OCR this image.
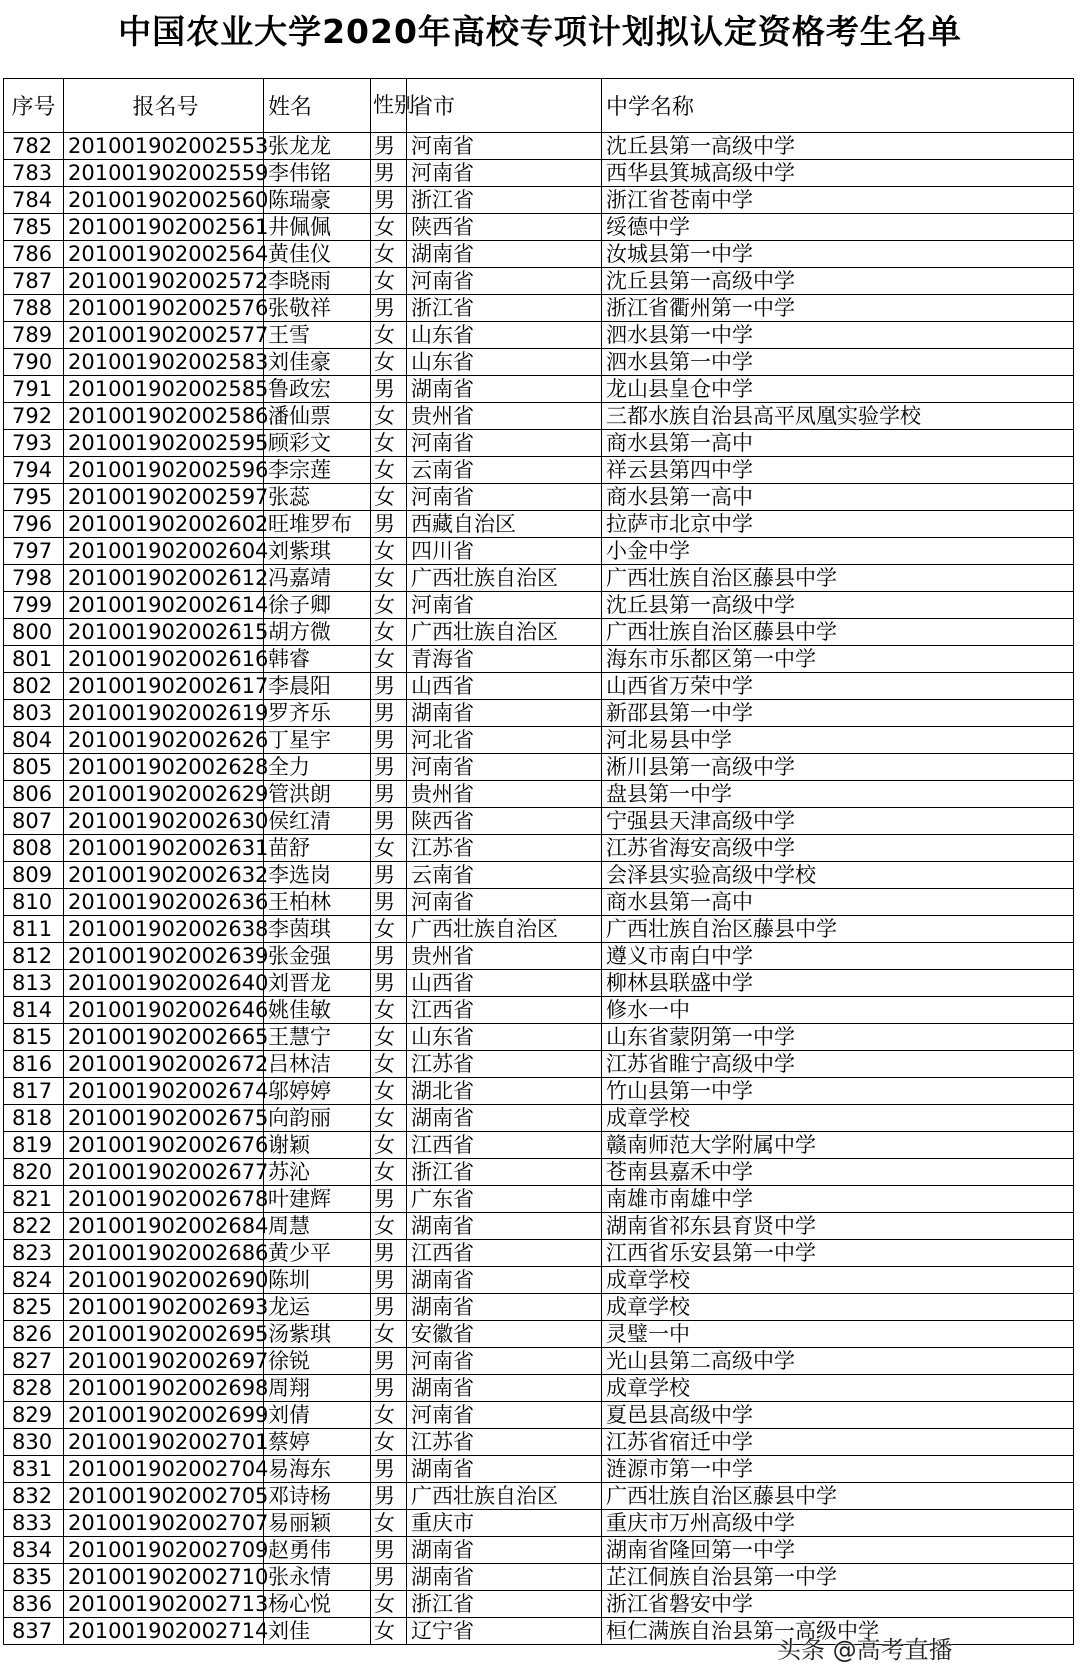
中国农业大学2020年高校专项计划拟认定资格考生名单
序号	报名号	姓名	性别	省市	中学名称
782	201001902002553	张龙龙	男	河南省	沈丘县第一高级中学
783	201001902002559	李伟铭	男	河南省	西华县箕城高级中学
784	201001902002560	陈瑞豪	男	浙江省	浙江省苍南中学
785	201001902002561	井佩佩	女	陕西省	绥德中学
786	201001902002564	黄佳仪	女	湖南省	汝城县第一中学
787	201001902002572	李晓雨	女	河南省	沈丘县第一高级中学
788	201001902002576	张敬祥	男	浙江省	浙江省衢州第一中学
789	201001902002577	王雪	女	山东省	泗水县第一中学
790	201001902002583	刘佳豪	女	山东省	泗水县第一中学
791	201001902002585	鲁政宏	男	湖南省	龙山县皇仓中学
792	201001902002586	潘仙票	女	贵州省	三都水族自治县高平凤凰实验学校
793	201001902002595	顾彩文	女	河南省	商水县第一高中
794	201001902002596	李宗莲	女	云南省	祥云县第四中学
795	201001902002597	张蕊	女	河南省	商水县第一高中
796	201001902002602	旺堆罗布	男	西藏自治区	拉萨市北京中学
797	201001902002604	刘紫琪	女	四川省	小金中学
798	201001902002612	冯嘉靖	女	广西壮族自治区	广西壮族自治区藤县中学
799	201001902002614	徐子卿	女	河南省	沈丘县第一高级中学
800	201001902002615	胡方微	女	广西壮族自治区	广西壮族自治区藤县中学
801	201001902002616	韩睿	女	青海省	海东市乐都区第一中学
802	201001902002617	李晨阳	男	山西省	山西省万荣中学
803	201001902002619	罗齐乐	男	湖南省	新邵县第一中学
804	201001902002626	丁星宇	男	河北省	河北易县中学
805	201001902002628	全力	男	河南省	淅川县第一高级中学
806	201001902002629	管洪朗	男	贵州省	盘县第一中学
807	201001902002630	侯红清	男	陕西省	宁强县天津高级中学
808	201001902002631	苗舒	女	江苏省	江苏省海安高级中学
809	201001902002632	李选岗	男	云南省	会泽县实验高级中学校
810	201001902002636	王柏林	男	河南省	商水县第一高中
811	201001902002638	李茵琪	女	广西壮族自治区	广西壮族自治区藤县中学
812	201001902002639	张金强	男	贵州省	遵义市南白中学
813	201001902002640	刘晋龙	男	山西省	柳林县联盛中学
814	201001902002646	姚佳敏	女	江西省	修水一中
815	201001902002665	王慧宁	女	山东省	山东省蒙阴第一中学
816	201001902002672	吕林洁	女	江苏省	江苏省睢宁高级中学
817	201001902002674	邬婷婷	女	湖北省	竹山县第一中学
818	201001902002675	向韵丽	女	湖南省	成章学校
819	201001902002676	谢颖	女	江西省	赣南师范大学附属中学
820	201001902002677	苏沁	女	浙江省	苍南县嘉禾中学
821	201001902002678	叶建辉	男	广东省	南雄市南雄中学
822	201001902002684	周慧	女	湖南省	湖南省祁东县育贤中学
823	201001902002686	黄少平	男	江西省	江西省乐安县第一中学
824	201001902002690	陈圳	男	湖南省	成章学校
825	201001902002693	龙运	男	湖南省	成章学校
826	201001902002695	汤紫琪	女	安徽省	灵璧一中
827	201001902002697	徐锐	男	河南省	光山县第二高级中学
828	201001902002698	周翔	男	湖南省	成章学校
829	201001902002699	刘倩	女	河南省	夏邑县高级中学
830	201001902002701	蔡婷	女	江苏省	江苏省宿迁中学
831	201001902002704	易海东	男	湖南省	涟源市第一中学
832	201001902002705	邓诗杨	男	广西壮族自治区	广西壮族自治区藤县中学
833	201001902002707	易丽颖	女	重庆市	重庆市万州高级中学
834	201001902002709	赵勇伟	男	湖南省	湖南省隆回第一中学
835	201001902002710	张永情	男	湖南省	芷江侗族自治县第一中学
836	201001902002713	杨心悦	女	浙江省	浙江省磐安中学
837	201001902002714	刘佳	女	辽宁省	桓仁满族自治县第一高级中学
头条 @高考直播
